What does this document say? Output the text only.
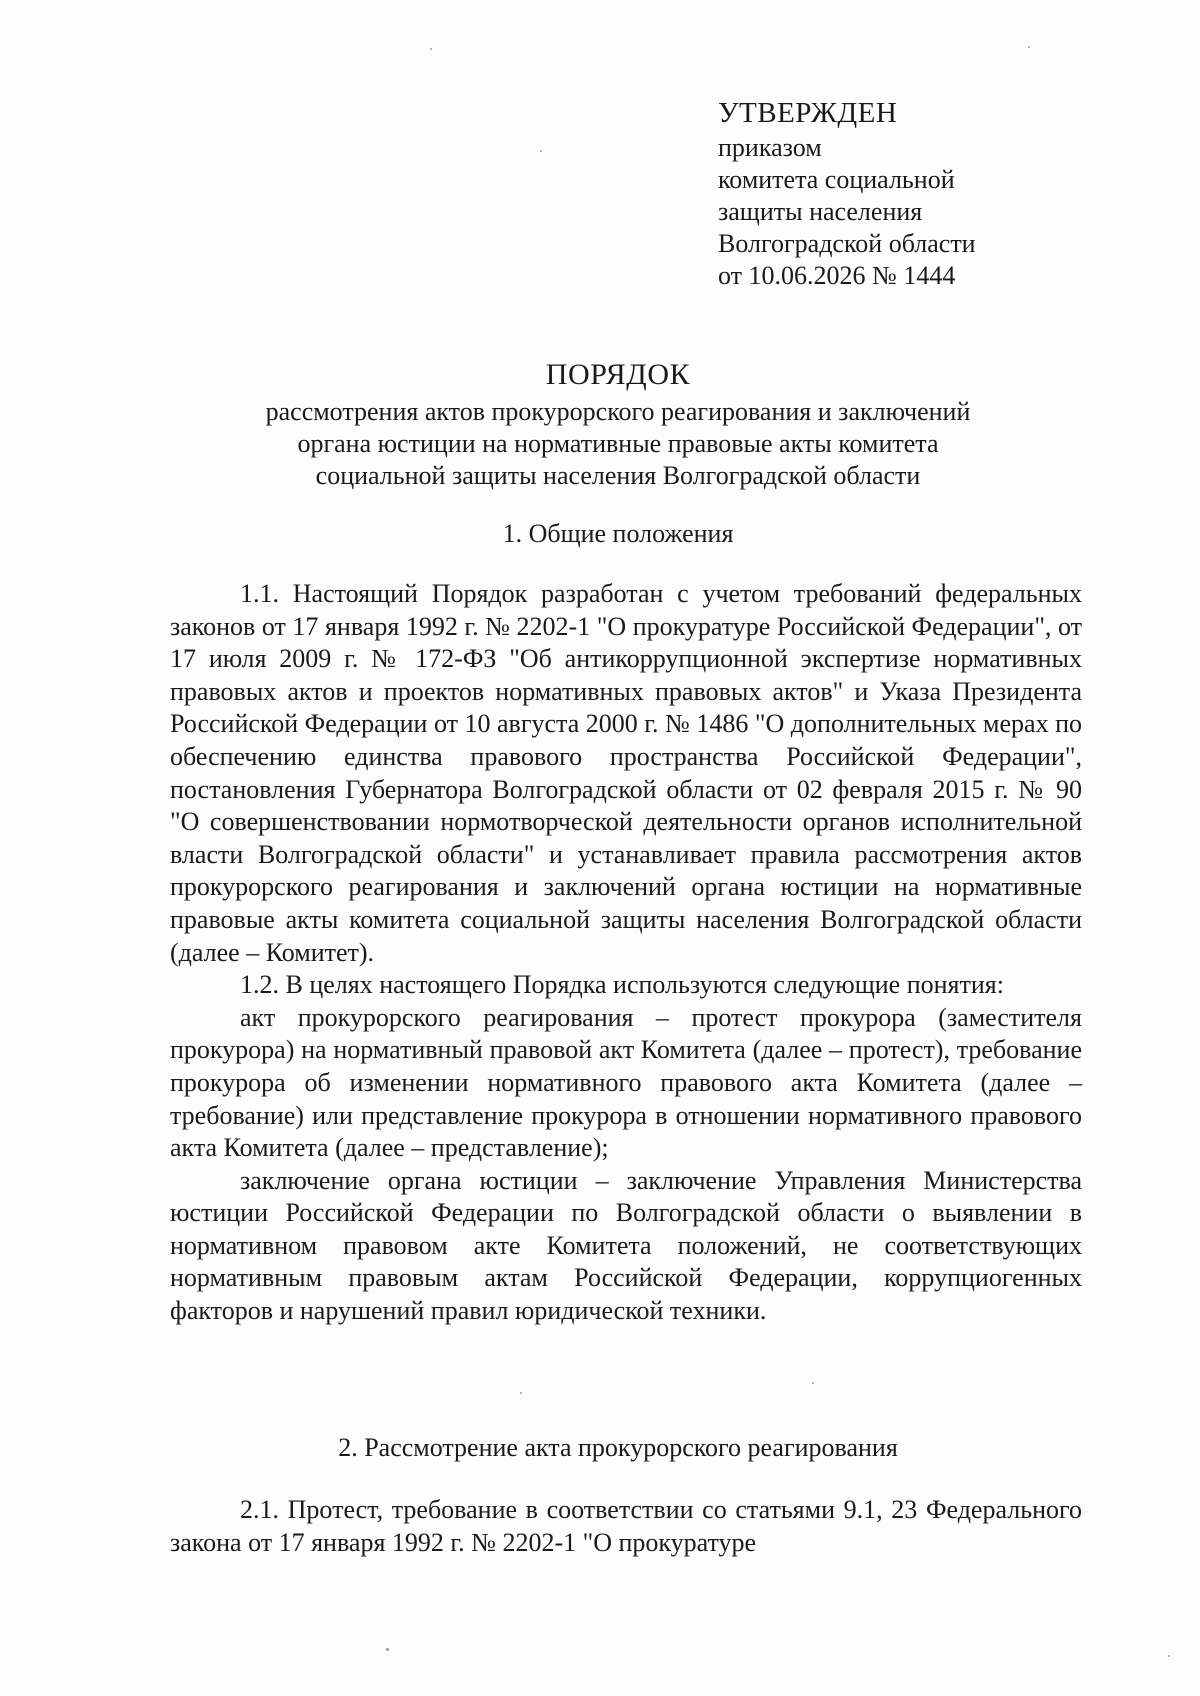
УТВЕРЖДЕН
приказом
комитета социальной
защиты населения
Волгоградской области
от 10.06.2026 № 1444
ПОРЯДОК
рассмотрения актов прокурорского реагирования и заключений
органа юстиции на нормативные правовые акты комитета
социальной защиты населения Волгоградской области
1. Общие положения

1.1. Настоящий Порядок разработан с учетом требований федеральных законов от 17 января 1992 г. № 2202-1 "О прокуратуре Российской Федерации", от 17 июля 2009 г. № 172-ФЗ "Об антикоррупционной экспертизе нормативных правовых актов и проектов нормативных правовых актов" и Указа Президента Российской Федерации от 10 августа 2000 г. № 1486 "О дополнительных мерах по обеспечению единства правового пространства Российской Федерации", постановления Губернатора Волгоградской области от 02 февраля 2015 г. № 90 "О совершенствовании нормотворческой деятельности органов исполнительной власти Волгоградской области" и устанавливает правила рассмотрения актов прокурорского реагирования и заключений органа юстиции на нормативные правовые акты комитета социальной защиты населения Волгоградской области (далее – Комитет).

1.2. В целях настоящего Порядка используются следующие понятия:

акт прокурорского реагирования – протест прокурора (заместителя прокурора) на нормативный правовой акт Комитета (далее – протест), требование прокурора об изменении нормативного правового акта Комитета (далее – требование) или представление прокурора в отношении нормативного правового акта Комитета (далее – представление);

заключение органа юстиции – заключение Управления Министерства юстиции Российской Федерации по Волгоградской области о выявлении в нормативном правовом акте Комитета положений, не соответствующих нормативным правовым актам Российской Федерации, коррупциогенных факторов и нарушений правил юридической техники.

2. Рассмотрение акта прокурорского реагирования

2.1. Протест, требование в соответствии со статьями 9.1, 23 Федерального закона от 17 января 1992 г. № 2202-1 "О прокуратуре
